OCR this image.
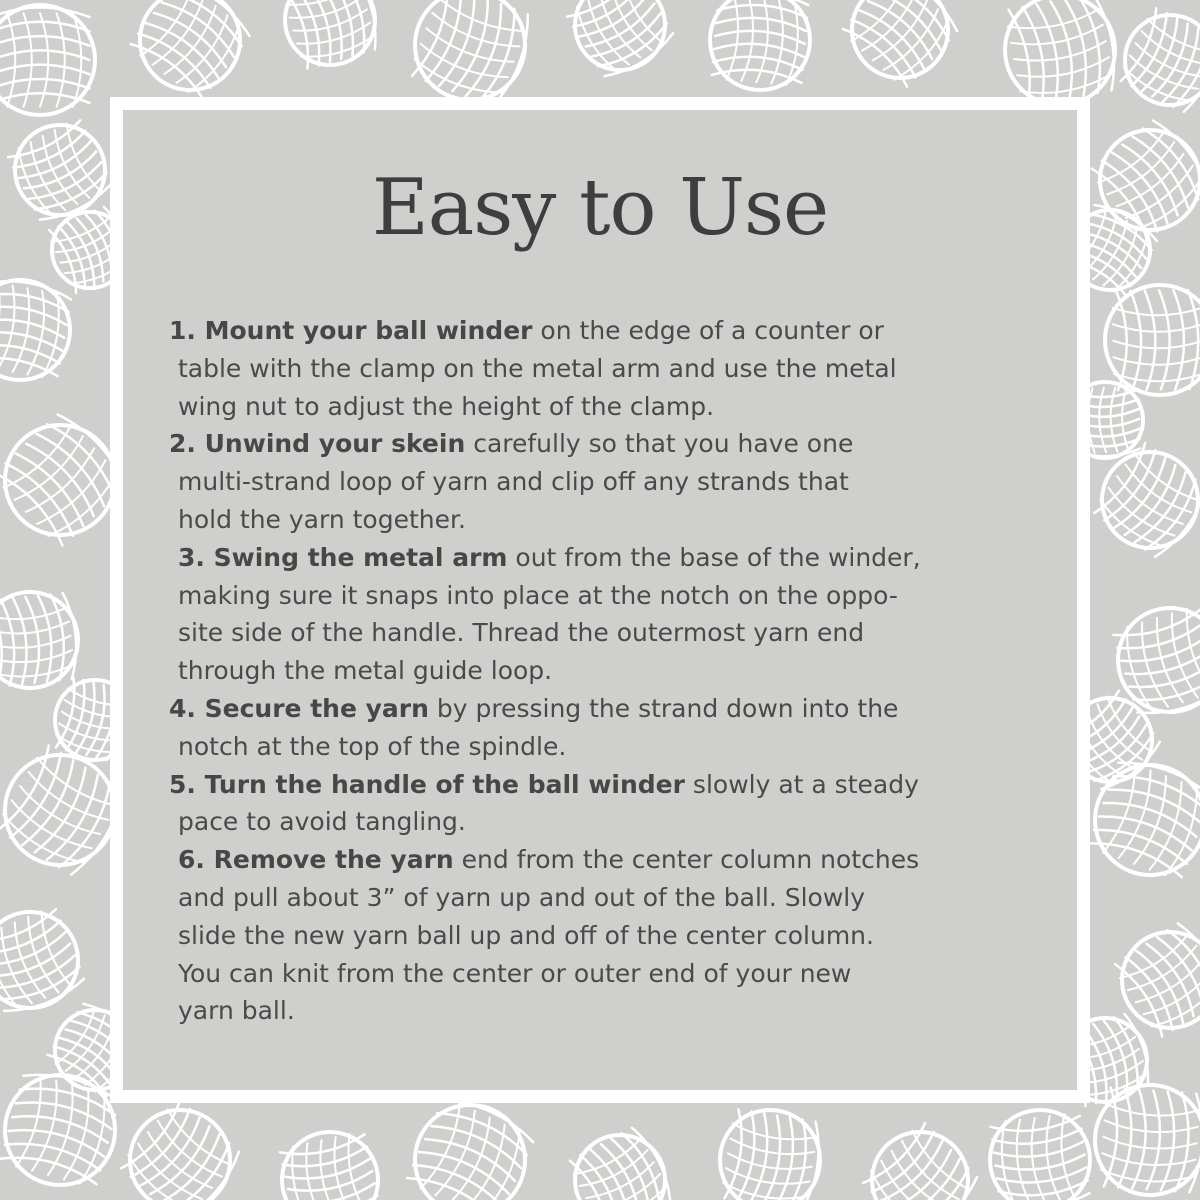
Easy to Use

1. Mount your ball winder on the edge of a counter or
table with the clamp on the metal arm and use the metal
wing nut to adjust the height of the clamp.

2. Unwind your skein carefully so that you have one
multi-strand loop of yarn and clip off any strands that
hold the yarn together.

3. Swing the metal arm out from the base of the winder,
making sure it snaps into place at the notch on the oppo-
site side of the handle. Thread the outermost yarn end
through the metal guide loop.

4. Secure the yarn by pressing the strand down into the
notch at the top of the spindle.

5. Turn the handle of the ball winder slowly at a steady
pace to avoid tangling.

6. Remove the yarn end from the center column notches
and pull about 3” of yarn up and out of the ball. Slowly
slide the new yarn ball up and off of the center column.
You can knit from the center or outer end of your new
yarn ball.
